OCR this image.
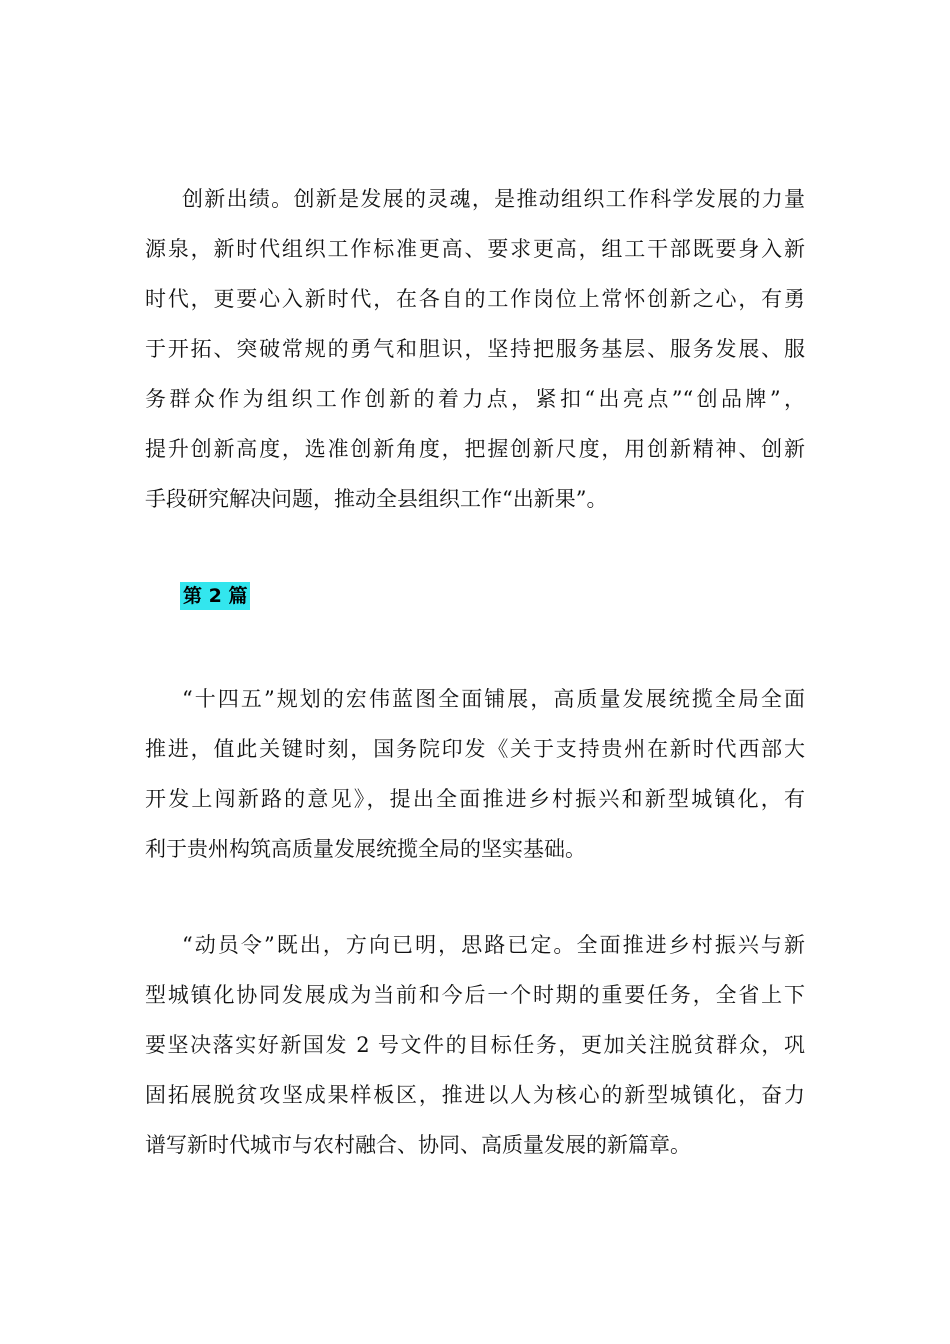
创新出绩。创新是发展的灵魂，是推动组织工作科学发展的力量
源泉，新时代组织工作标准更高、要求更高，组工干部既要身入新
时代，更要心入新时代，在各自的工作岗位上常怀创新之心，有勇
于开拓、突破常规的勇气和胆识，坚持把服务基层、服务发展、服
务群众作为组织工作创新的着力点，紧扣“出亮点”“创品牌”，
提升创新高度，选准创新角度，把握创新尺度，用创新精神、创新
手段研究解决问题，推动全县组织工作“出新果”。
第 2 篇
“十四五”规划的宏伟蓝图全面铺展，高质量发展统揽全局全面
推进，值此关键时刻，国务院印发《关于支持贵州在新时代西部大
开发上闯新路的意见》，提出全面推进乡村振兴和新型城镇化，有
利于贵州构筑高质量发展统揽全局的坚实基础。
“动员令”既出，方向已明，思路已定。全面推进乡村振兴与新
型城镇化协同发展成为当前和今后一个时期的重要任务，全省上下
要坚决落实好新国发 2 号文件的目标任务，更加关注脱贫群众，巩
固拓展脱贫攻坚成果样板区，推进以人为核心的新型城镇化，奋力
谱写新时代城市与农村融合、协同、高质量发展的新篇章。
